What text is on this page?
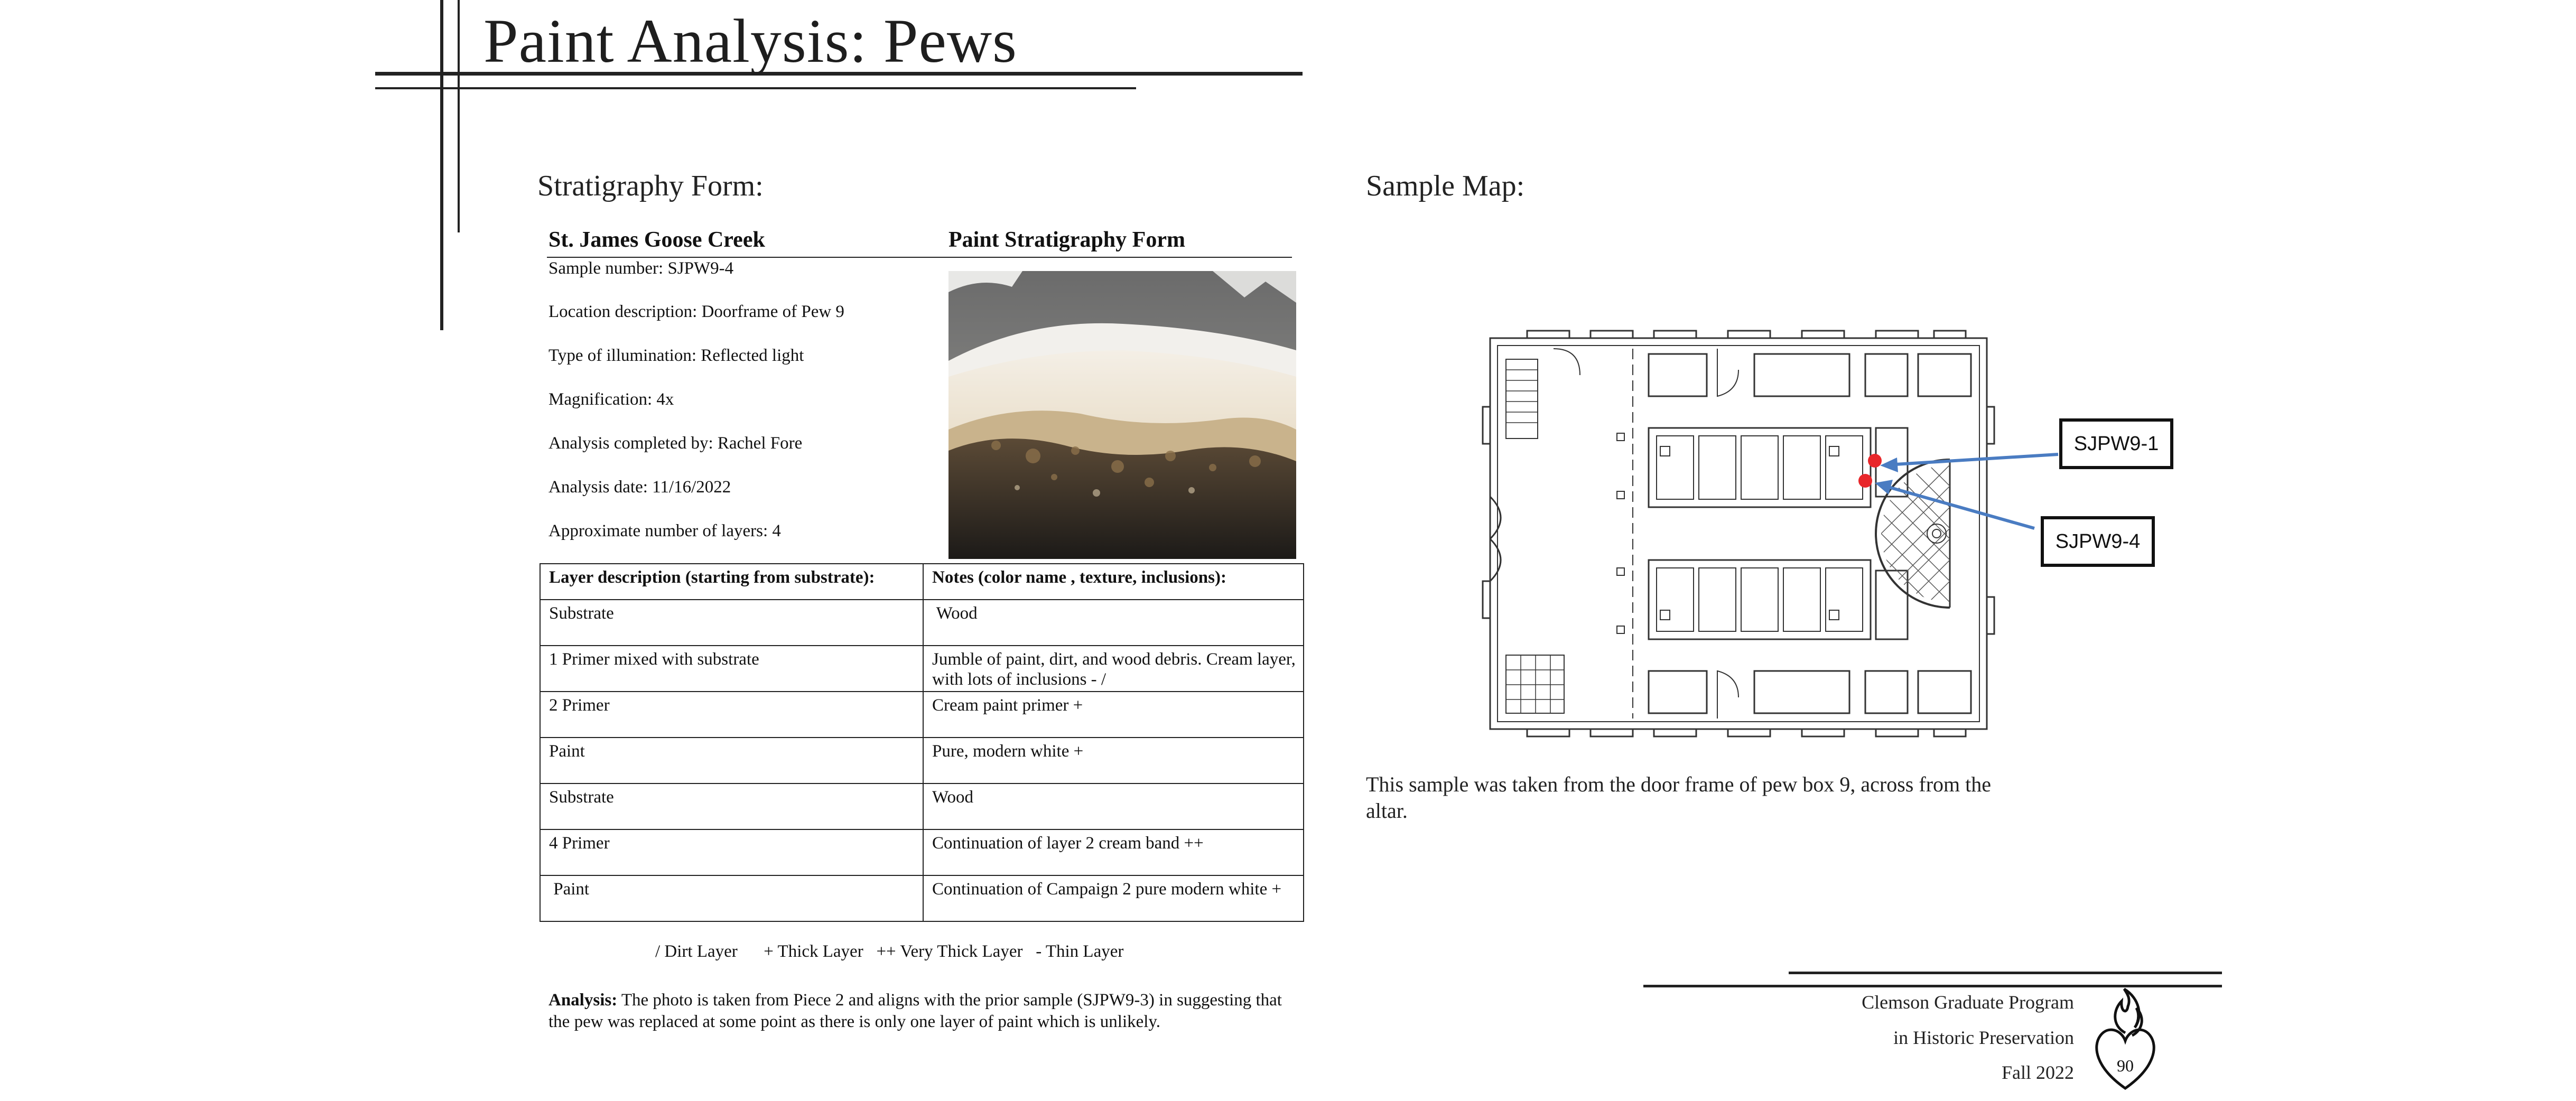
Paint Analysis: Pews
Stratigraphy Form:
St. James Goose Creek	Paint Stratigraphy Form
Sample number: SJPW9-4
Location description: Doorframe of Pew 9
Type of illumination: Reflected light
Magnification: 4x
Analysis completed by: Rachel Fore
Analysis date: 11/16/2022
Approximate number of layers: 4
Layer description (starting from substrate):	Notes (color name , texture, inclusions):
Substrate	Wood
1 Primer mixed with substrate	Jumble of paint, dirt, and wood debris. Cream layer, with lots of inclusions - /
2 Primer	Cream paint primer +
Paint	Pure, modern white +
Substrate	Wood
4 Primer	Continuation of layer 2 cream band ++
Paint	Continuation of Campaign 2 pure modern white +
/ Dirt Layer      + Thick Layer   ++ Very Thick Layer   - Thin Layer
Analysis: The photo is taken from Piece 2 and aligns with the prior sample (SJPW9-3) in suggesting that the pew was replaced at some point as there is only one layer of paint which is unlikely.
Sample Map:
SJPW9-1
SJPW9-4
This sample was taken from the door frame of pew box 9, across from the altar.
Clemson Graduate Program
in Historic Preservation
Fall 2022	90
